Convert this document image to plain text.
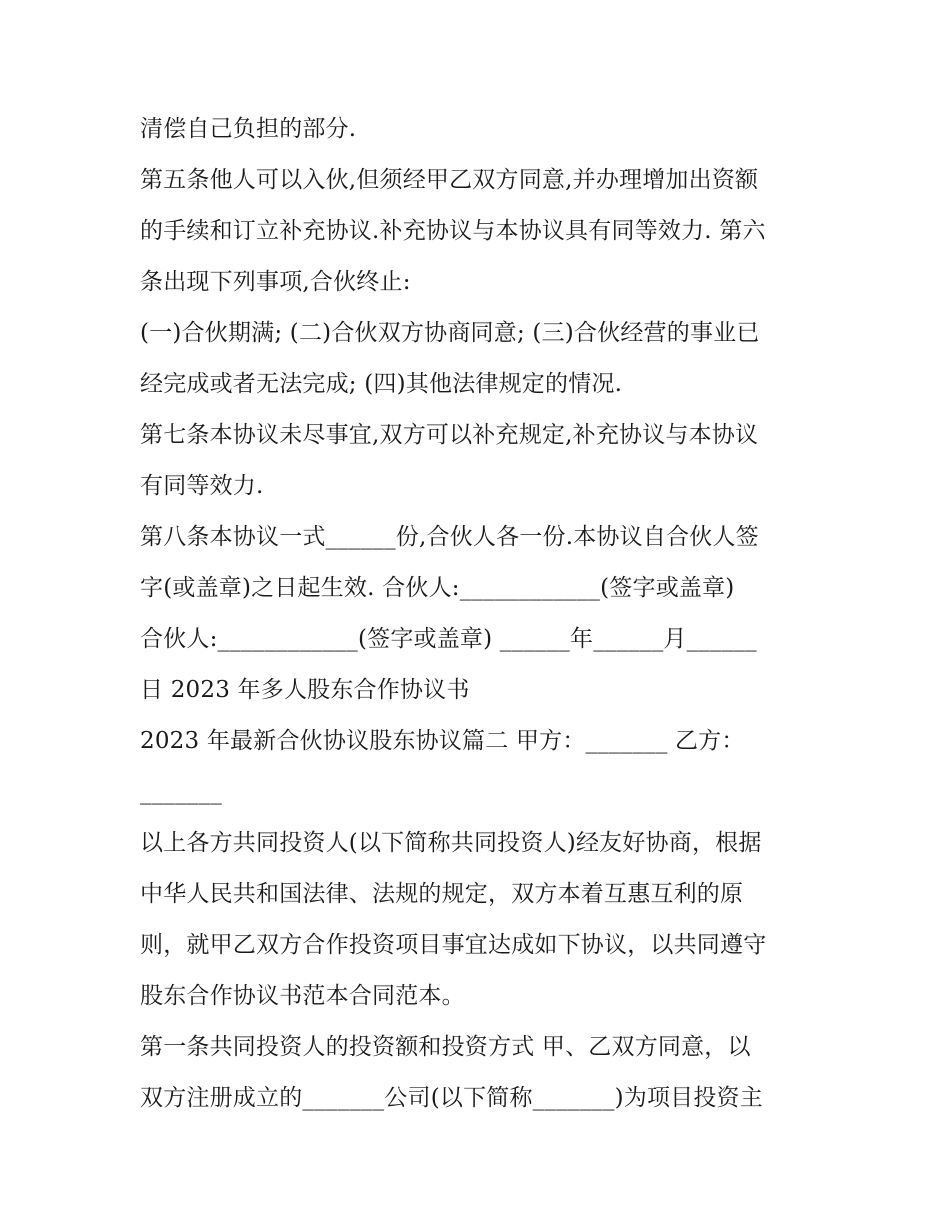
清偿自己负担的部分.
第五条他人可以入伙,但须经甲乙双方同意,并办理增加出资额
的手续和订立补充协议.补充协议与本协议具有同等效力. 第六
条出现下列事项,合伙终止:
(一)合伙期满; (二)合伙双方协商同意; (三)合伙经营的事业已
经完成或者无法完成; (四)其他法律规定的情况.
第七条本协议未尽事宜,双方可以补充规定,补充协议与本协议
有同等效力.
第八条本协议一式______份,合伙人各一份.本协议自合伙人签
字(或盖章)之日起生效. 合伙人:____________(签字或盖章)
合伙人:____________(签字或盖章) ______年______月______
日 2023 年多人股东合作协议书
2023 年最新合伙协议股东协议篇二 甲方：_______ 乙方：
_______
以上各方共同投资人(以下简称共同投资人)经友好协商，根据
中华人民共和国法律、法规的规定，双方本着互惠互利的原
则，就甲乙双方合作投资项目事宜达成如下协议，以共同遵守
股东合作协议书范本合同范本。
第一条共同投资人的投资额和投资方式 甲、乙双方同意，以
双方注册成立的_______公司(以下简称_______)为项目投资主
